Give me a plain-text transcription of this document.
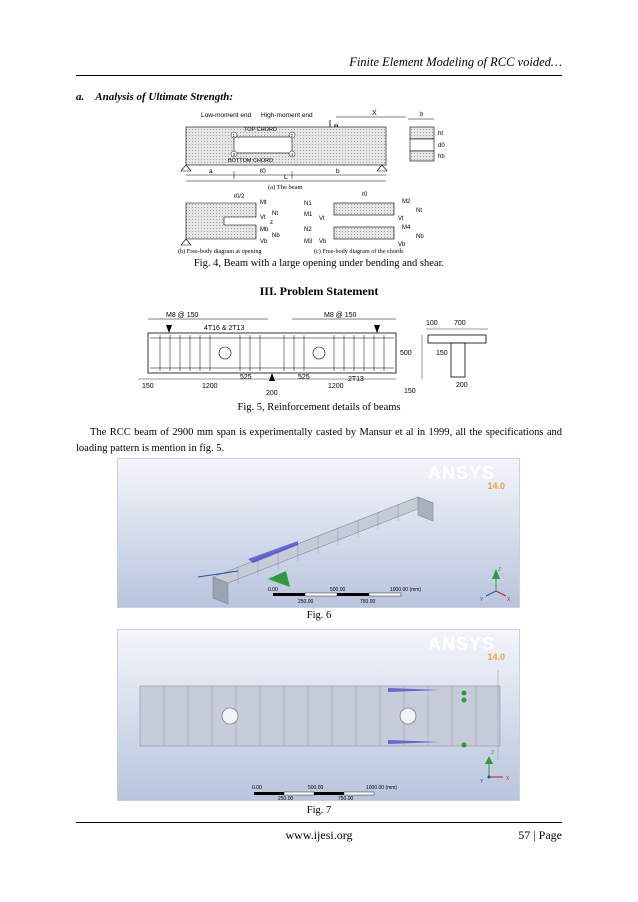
Finite Element Modeling of RCC voided…
a. Analysis of Ultimate Strength:
Low-moment end High-moment end	X
TOP CHORD
BOTTOM CHORD
1	2
3	4
a	ℓ0	b
L
(a) The beam
b
ht
d0
hb
ℓ0/2
Mt
Vt
Nt
z
Mb
Vb
Nb
(b) Free-body diagram at opening
ℓ0
N1
M1
Vt
N2
M3 Vb
M2
Nt
Vt
M4
Nb
Vb
(c) Free-body diagram of the chords
Fig. 4, Beam with a large opening under bending and shear.
III. Problem Statement
M8 @ 150	M8 @ 150
4T16 & 2T13
150	1200
525	525
1200
2T13
200	150
100 700
500	150
200
Fig. 5, Reinforcement details of beams
The RCC beam of 2900 mm span is experimentally casted by Mansur et al in 1999, all the specifications and loading pattern is mention in fig. 5.
ANSYS
14.0
0.00	500.00	1000.00 (mm)
250.00	750.00
Z
Y	X
Fig. 6
ANSYS
14.0
0.00	500.00	1000.00 (mm)
250.00	750.00
Z
Y	X
Fig. 7
www.ijesi.org	57 | Page
